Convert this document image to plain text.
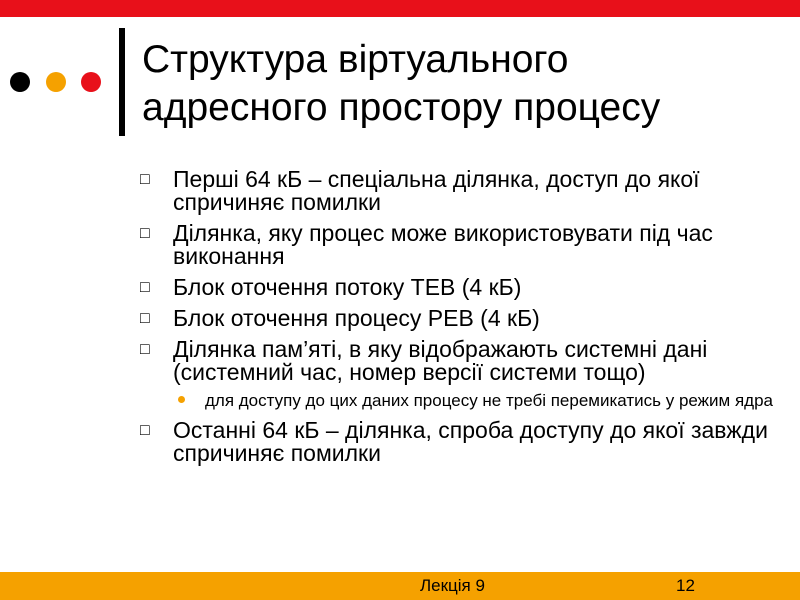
Структура віртуального
адресного простору процесу
□ Перші 64 кБ – спеціальна ділянка, доступ до якої спричиняє помилки
□ Ділянка, яку процес може використовувати під час виконання
□ Блок оточення потоку TEB (4 кБ)
□ Блок оточення процесу PEB (4 кБ)
□ Ділянка пам’яті, в яку відображають системні дані (системний час, номер версії системи тощо)
для доступу до цих даних процесу не требі перемикатись у режим ядра
□ Останні 64 кБ – ділянка, спроба доступу до якої завжди спричиняє помилки
Лекція 9	12
